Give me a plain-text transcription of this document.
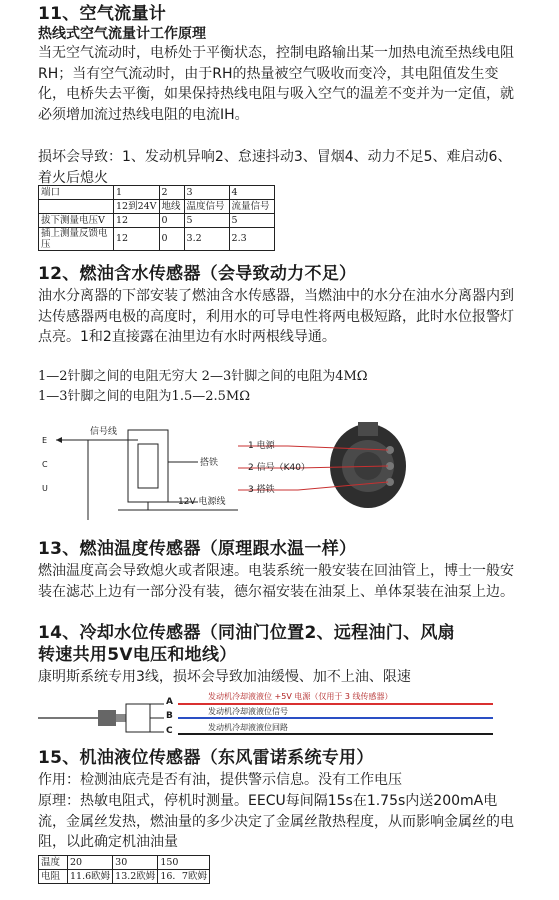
11、空气流量计
热线式空气流量计工作原理
当无空气流动时，电桥处于平衡状态，控制电路输出某一加热电流至热线电阻RH；当有空气流动时，由于RH的热量被空气吸收而变冷，其电阻值发生变化，电桥失去平衡，如果保持热线电阻与吸入空气的温差不变并为一定值，就必须增加流过热线电阻的电流IH。
损坏会导致：1、发动机异响2、怠速抖动3、冒烟4、动力不足5、难启动6、着火后熄火
端口	1	2	3	4
	12到24V	地线	温度信号	流量信号
拔下测量电压V	12	0	5	5
插上测量反馈电压	12	0	3.2	2.3
12、燃油含水传感器（会导致动力不足）
油水分离器的下部安装了燃油含水传感器，当燃油中的水分在油水分离器内到达传感器两电极的高度时，利用水的可导电性将两电极短路，此时水位报警灯点亮。1和2直接露在油里边有水时两根线导通。
1—2针脚之间的电阻无穷大 2—3针脚之间的电阻为4MΩ
1—3针脚之间的电阻为1.5—2.5MΩ
信号线
搭铁
12V 电源线
E
C
U
1 电源
2 信号（K40）
3 搭铁
13、燃油温度传感器（原理跟水温一样）
燃油温度高会导致熄火或者限速。电装系统一般安装在回油管上，博士一般安装在滤芯上边有一部分没有装，德尔福安装在油泵上、单体泵装在油泵上边。
14、冷却水位传感器（同油门位置2、远程油门、风扇
转速共用5V电压和地线）
康明斯系统专用3线，损坏会导致加油缓慢、加不上油、限速
A
B
C
发动机冷却液液位 +5V 电源（仅用于 3 线传感器）
发动机冷却液液位信号
发动机冷却液液位回路
15、机油液位传感器（东风雷诺系统专用）
作用：检测油底壳是否有油，提供警示信息。没有工作电压
原理：热敏电阻式，停机时测量。EECU每间隔15s在1.75s内送200mA电流，金属丝发热，燃油量的多少决定了金属丝散热程度，从而影响金属丝的电阻，以此确定机油油量
温度	20	30	150
电阻	11.6欧姆	13.2欧姆	16．7欧姆
